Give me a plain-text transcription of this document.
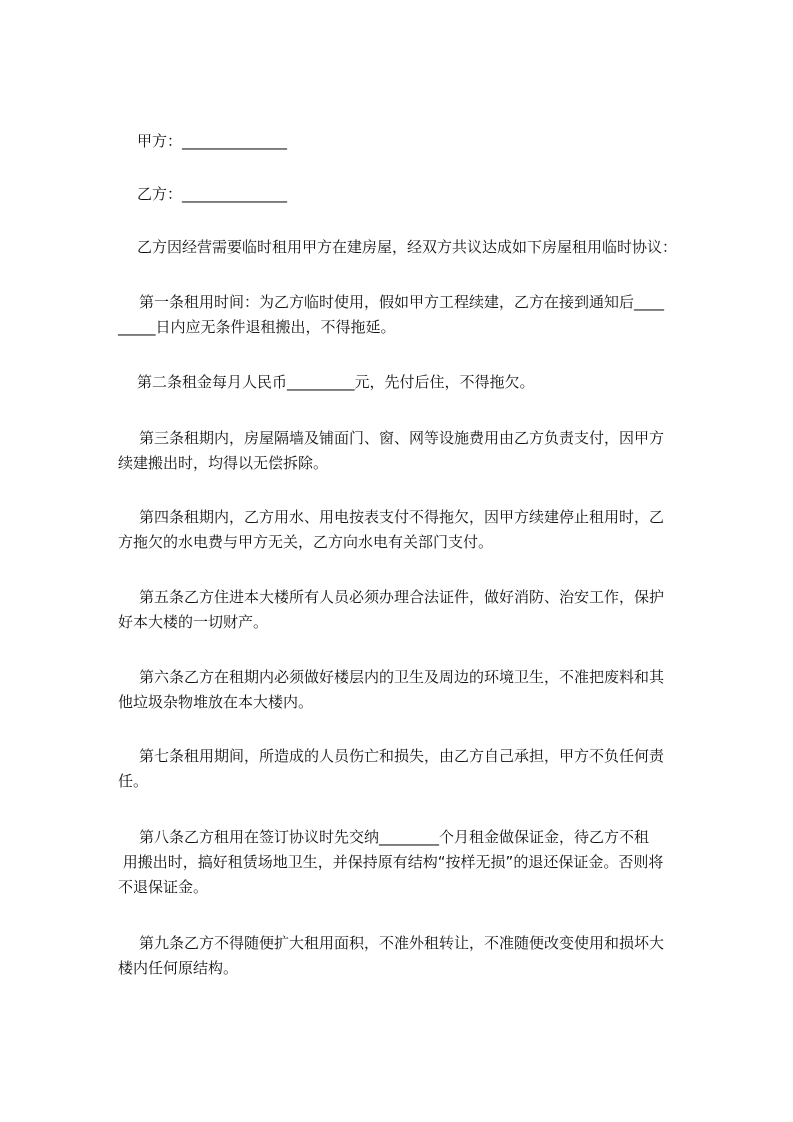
甲方：______________

乙方：______________

乙方因经营需要临时租用甲方在建房屋，经双方共议达成如下房屋租用临时协议：

第一条租用时间：为乙方临时使用，假如甲方工程续建，乙方在接到通知后____

_____日内应无条件退租搬出，不得拖延。

第二条租金每月人民币_________元，先付后住，不得拖欠。

第三条租期内，房屋隔墙及铺面门、窗、网等设施费用由乙方负责支付，因甲方

续建搬出时，均得以无偿拆除。

第四条租期内，乙方用水、用电按表支付不得拖欠，因甲方续建停止租用时，乙

方拖欠的水电费与甲方无关，乙方向水电有关部门支付。

第五条乙方住进本大楼所有人员必须办理合法证件，做好消防、治安工作，保护

好本大楼的一切财产。

第六条乙方在租期内必须做好楼层内的卫生及周边的环境卫生，不准把废料和其

他垃圾杂物堆放在本大楼内。

第七条租用期间，所造成的人员伤亡和损失，由乙方自己承担，甲方不负任何责

任。

第八条乙方租用在签订协议时先交纳________个月租金做保证金，待乙方不租

用搬出时，搞好租赁场地卫生，并保持原有结构“按样无损”的退还保证金。否则将

不退保证金。

第九条乙方不得随便扩大租用面积，不准外租转让，不准随便改变使用和损坏大

楼内任何原结构。
